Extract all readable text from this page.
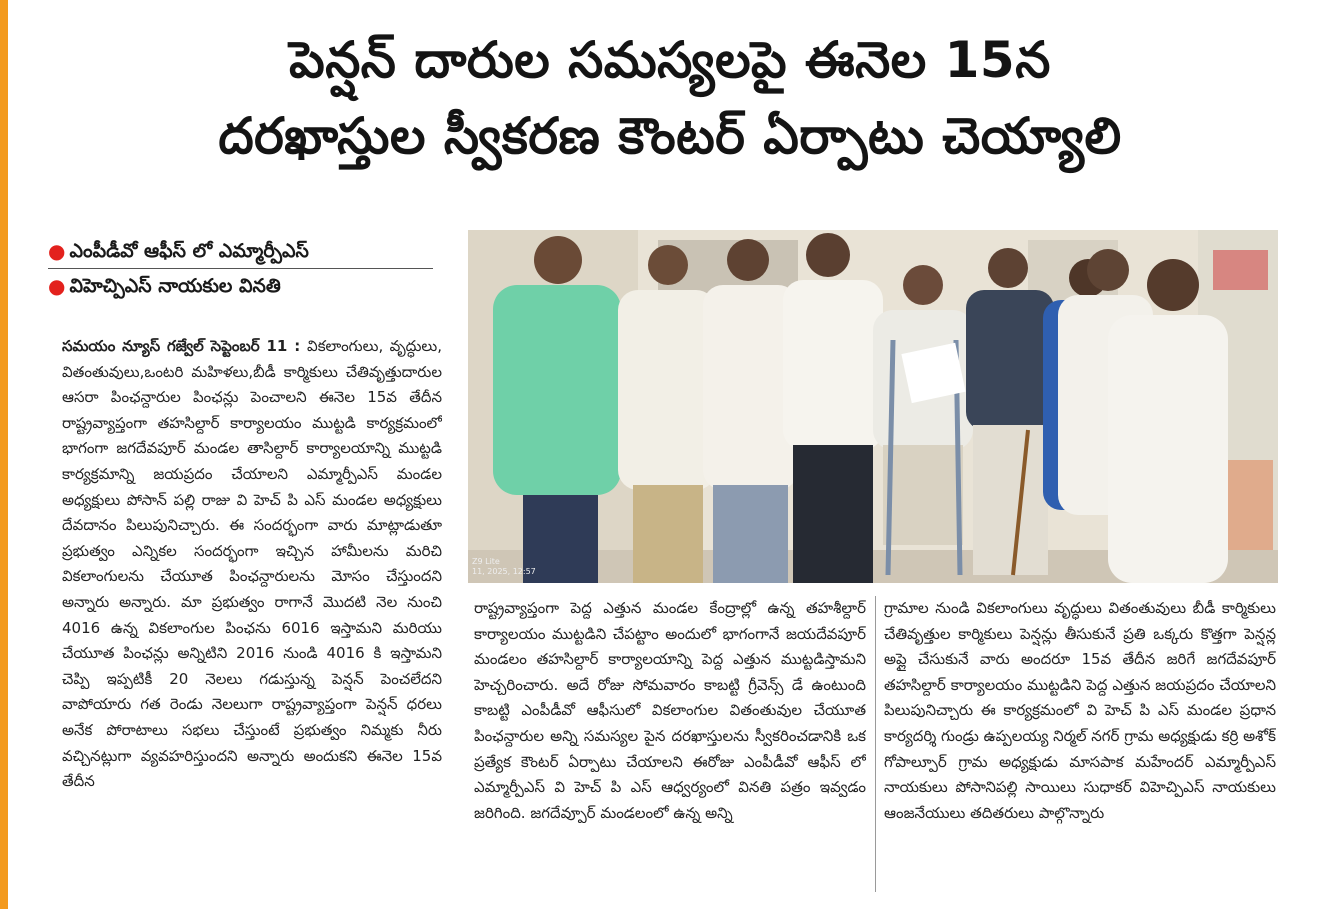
పెన్షన్ దారుల సమస్యలపై ఈనెల 15న
దరఖాస్తుల స్వీకరణ కౌంటర్ ఏర్పాటు చెయ్యాలి
● ఎంపీడీవో ఆఫీస్ లో ఎమ్మార్పీఎస్
● విహెచ్పిఎస్ నాయకుల వినతి
సమయం న్యూస్ గజ్వేల్ సెప్టెంబర్ 11 : వికలాంగులు, వృద్ధులు, వితంతువులు,ఒంటరి మహిళలు,బీడీ కార్మికులు చేతివృత్తుదారుల ఆసరా పింఛన్దారుల పింఛన్లు పెంచాలని ఈనెల 15వ తేదీన రాష్ట్రవ్యాప్తంగా తహసిల్దార్ కార్యాలయం ముట్టడి కార్యక్రమంలో భాగంగా జగదేవపూర్ మండల తాసిల్దార్ కార్యాలయాన్ని ముట్టడి కార్యక్రమాన్ని జయప్రదం చేయాలని ఎమ్మార్పీఎస్ మండల అధ్యక్షులు పోసాన్ పల్లి రాజు వి హెచ్ పి ఎస్ మండల అధ్యక్షులు దేవదానం పిలుపునిచ్చారు. ఈ సందర్భంగా వారు మాట్లాడుతూ ప్రభుత్వం ఎన్నికల సందర్భంగా ఇచ్చిన హామీలను మరిచి వికలాంగులను చేయూత పింఛన్దారులను మోసం చేస్తుందని అన్నారు అన్నారు. మా ప్రభుత్వం రాగానే మొదటి నెల నుంచి 4016 ఉన్న వికలాంగుల పింఛను 6016 ఇస్తామని మరియు చేయూత పింఛన్లు అన్నిటిని 2016 నుండి 4016 కి ఇస్తామని చెప్పి ఇప్పటికీ 20 నెలలు గడుస్తున్న పెన్షన్ పెంచలేదని వాపోయారు గత రెండు నెలలుగా రాష్ట్రవ్యాప్తంగా పెన్షన్ ధరలు అనేక పోరాటాలు సభలు చేస్తుంటే ప్రభుత్వం నిమ్మకు నీరు వచ్చినట్లుగా వ్యవహరిస్తుందని అన్నారు అందుకని ఈనెల 15వ తేదీన
Z9 Lite
11, 2025, 12:57
రాష్ట్రవ్యాప్తంగా పెద్ద ఎత్తున మండల కేంద్రాల్లో ఉన్న తహశీల్దార్ కార్యాలయం ముట్టడిని చేపట్టాం అందులో భాగంగానే జయదేవపూర్ మండలం తహసిల్దార్ కార్యాలయాన్ని పెద్ద ఎత్తున ముట్టడిస్తామని హెచ్చరించారు. అదే రోజు సోమవారం కాబట్టి గ్రీవెన్స్ డే ఉంటుంది కాబట్టి ఎంపీడీవో ఆఫీసులో వికలాంగుల వితంతువుల చేయూత పింఛన్దారుల అన్ని సమస్యల పైన దరఖాస్తులను స్వీకరించడానికి ఒక ప్రత్యేక కౌంటర్ ఏర్పాటు చేయాలని ఈరోజు ఎంపీడీవో ఆఫీస్ లో ఎమ్మార్పీఎస్ వి హెచ్ పి ఎస్ ఆధ్వర్యంలో వినతి పత్రం ఇవ్వడం జరిగింది. జగదేవ్పూర్ మండలంలో ఉన్న అన్ని
గ్రామాల నుండి వికలాంగులు వృద్ధులు వితంతువులు బీడీ కార్మికులు చేతివృత్తుల కార్మికులు పెన్షన్లు తీసుకునే ప్రతి ఒక్కరు కొత్తగా పెన్షన్ల అప్లై చేసుకునే వారు అందరూ 15వ తేదీన జరిగే జగదేవపూర్ తహసిల్దార్ కార్యాలయం ముట్టడిని పెద్ద ఎత్తున జయప్రదం చేయాలని పిలుపునిచ్చారు ఈ కార్యక్రమంలో వి హెచ్ పి ఎస్ మండల ప్రధాన కార్యదర్శి గుండ్రు ఉప్పలయ్య నిర్మల్ నగర్ గ్రామ అధ్యక్షుడు కర్రి అశోక్ గోపాల్పూర్ గ్రామ అధ్యక్షుడు మాసపాక మహేందర్ ఎమ్మార్పీఎస్ నాయకులు పోసానిపల్లి సాయిలు సుధాకర్ విహెచ్పిఎస్ నాయకులు ఆంజనేయులు తదితరులు పాల్గొన్నారు
